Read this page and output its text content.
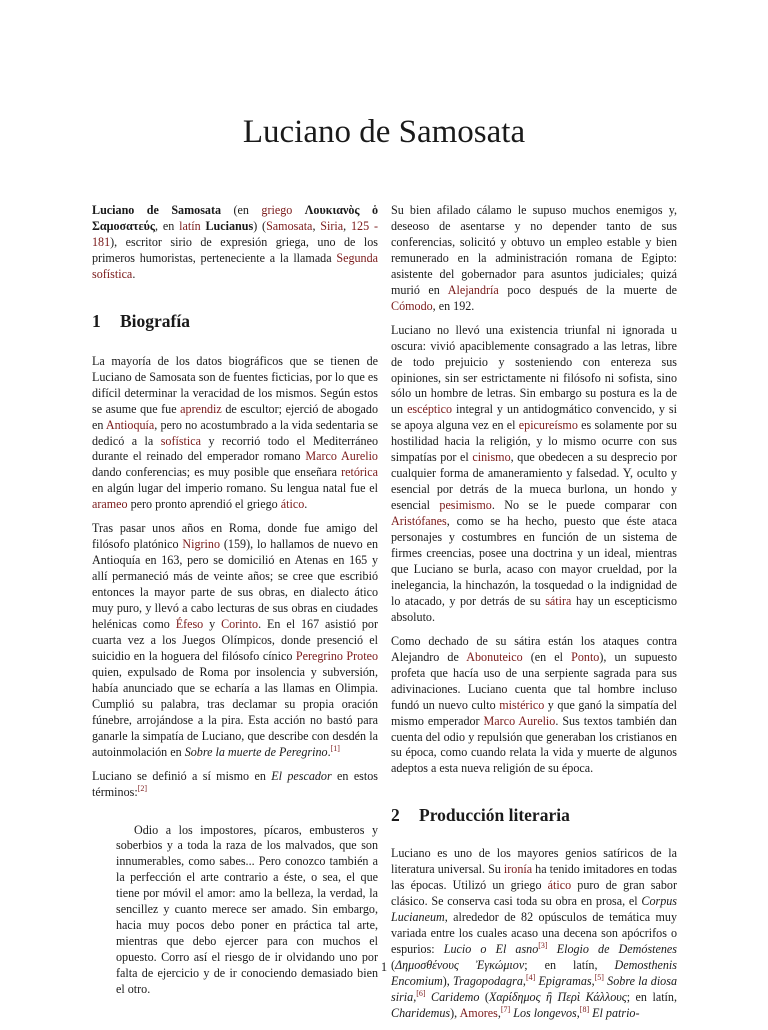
Luciano de Samosata

Luciano de Samosata (en griego Λουκιανὸς ὁ Σαμοσατεύς, en latín Lucianus) (Samosata, Siria, 125 - 181), escritor sirio de expresión griega, uno de los primeros humoristas, perteneciente a la llamada Segunda sofística.

1 Biografía

La mayoría de los datos biográficos que se tienen de Luciano de Samosata son de fuentes ficticias, por lo que es difícil determinar la veracidad de los mismos. Según estos se asume que fue aprendiz de escultor; ejerció de abogado en Antioquía, pero no acostumbrado a la vida sedentaria se dedicó a la sofística y recorrió todo el Mediterráneo durante el reinado del emperador romano Marco Aurelio dando conferencias; es muy posible que enseñara retórica en algún lugar del imperio romano. Su lengua natal fue el arameo pero pronto aprendió el griego ático.

Tras pasar unos años en Roma, donde fue amigo del filósofo platónico Nigrino (159), lo hallamos de nuevo en Antioquía en 163, pero se domicilió en Atenas en 165 y allí permaneció más de veinte años; se cree que escribió entonces la mayor parte de sus obras, en dialecto ático muy puro, y llevó a cabo lecturas de sus obras en ciudades helénicas como Éfeso y Corinto. En el 167 asistió por cuarta vez a los Juegos Olímpicos, donde presenció el suicidio en la hoguera del filósofo cínico Peregrino Proteo quien, expulsado de Roma por insolencia y subversión, había anunciado que se echaría a las llamas en Olimpia. Cumplió su palabra, tras declamar su propia oración fúnebre, arrojándose a la pira. Esta acción no bastó para ganarle la simpatía de Luciano, que describe con desdén la autoinmolación en Sobre la muerte de Peregrino.[1]

Luciano se definió a sí mismo en El pescador en estos términos:[2]

Odio a los impostores, pícaros, embusteros y soberbios y a toda la raza de los malvados, que son innumerables, como sabes... Pero conozco también a la perfección el arte contrario a éste, o sea, el que tiene por móvil el amor: amo la belleza, la verdad, la sencillez y cuanto merece ser amado. Sin embargo, hacia muy pocos debo poner en práctica tal arte, mientras que debo ejercer para con muchos el opuesto. Corro así el riesgo de ir olvidando uno por falta de ejercicio y de ir conociendo demasiado bien el otro.

Su bien afilado cálamo le supuso muchos enemigos y, deseoso de asentarse y no depender tanto de sus conferencias, solicitó y obtuvo un empleo estable y bien remunerado en la administración romana de Egipto: asistente del gobernador para asuntos judiciales; quizá murió en Alejandría poco después de la muerte de Cómodo, en 192.

Luciano no llevó una existencia triunfal ni ignorada u oscura: vivió apaciblemente consagrado a las letras, libre de todo prejuicio y sosteniendo con entereza sus opiniones, sin ser estrictamente ni filósofo ni sofista, sino sólo un hombre de letras. Sin embargo su postura es la de un escéptico integral y un antidogmático convencido, y si se apoya alguna vez en el epicureísmo es solamente por su hostilidad hacia la religión, y lo mismo ocurre con sus simpatías por el cinismo, que obedecen a su desprecio por cualquier forma de amaneramiento y falsedad. Y, oculto y esencial por detrás de la mueca burlona, un hondo y esencial pesimismo. No se le puede comparar con Aristófanes, como se ha hecho, puesto que éste ataca personajes y costumbres en función de un sistema de firmes creencias, posee una doctrina y un ideal, mientras que Luciano se burla, acaso con mayor crueldad, por la inelegancia, la hinchazón, la tosquedad o la indignidad de lo atacado, y por detrás de su sátira hay un escepticismo absoluto.

Como dechado de su sátira están los ataques contra Alejandro de Abonuteico (en el Ponto), un supuesto profeta que hacía uso de una serpiente sagrada para sus adivinaciones. Luciano cuenta que tal hombre incluso fundó un nuevo culto mistérico y que ganó la simpatía del mismo emperador Marco Aurelio. Sus textos también dan cuenta del odio y repulsión que generaban los cristianos en su época, como cuando relata la vida y muerte de algunos adeptos a esta nueva religión de su época.

2 Producción literaria

Luciano es uno de los mayores genios satíricos de la literatura universal. Su ironía ha tenido imitadores en todas las épocas. Utilizó un griego ático puro de gran sabor clásico. Se conserva casi toda su obra en prosa, el Corpus Lucianeum, alrededor de 82 opúsculos de temática muy variada entre los cuales acaso una decena son apócrifos o espurios: Lucio o El asno[3] Elogio de Demóstenes (Δημοσθένους Ἐγκώμιον; en latín, Demosthenis Encomium), Tragopodagra,[4] Epigramas,[5] Sobre la diosa siria,[6] Caridemo (Χαρίδημος ἢ Περὶ Κάλλους; en latín, Charidemus), Amores,[7] Los longevos,[8] El patrio-

1
